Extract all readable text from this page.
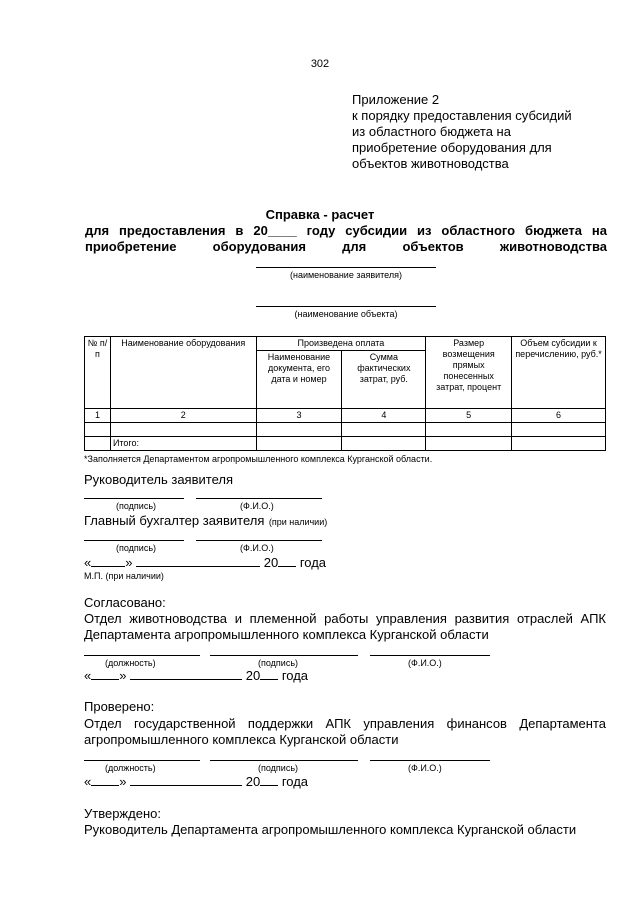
302
Приложение 2
к порядку предоставления субсидий
из областного бюджета на
приобретение оборудования для
объектов животноводства
Справка - расчет
для предоставления в 20____ году субсидии из областного бюджета на приобретение оборудования для объектов животноводства
(наименование заявителя)
(наименование объекта)
№ п/п	Наименование оборудования	Произведена оплата		Размер возмещения прямых понесенных затрат, процент	Объем субсидии к перечислению, руб.*
		Наименование документа, его дата и номер	Сумма фактических затрат, руб.		
1	2	3	4	5	6

	Итого:				
*Заполняется Департаментом агропромышленного комплекса Курганской области.
Руководитель заявителя
(подпись)	(Ф.И.О.)
Главный бухгалтер заявителя (при наличии)
(подпись)	(Ф.И.О.)
«	»	20 года
М.П. (при наличии)
Согласовано:
Отдел животноводства и племенной работы управления развития отраслей АПК
Департамента агропромышленного комплекса Курганской области
(должность)	(подпись)	(Ф.И.О.)
« »	20 года
Проверено:
Отдел государственной поддержки АПК управления финансов Департамента
агропромышленного комплекса Курганской области
(должность)	(подпись)	(Ф.И.О.)
« »	20 года
Утверждено:
Руководитель Департамента агропромышленного комплекса Курганской области
